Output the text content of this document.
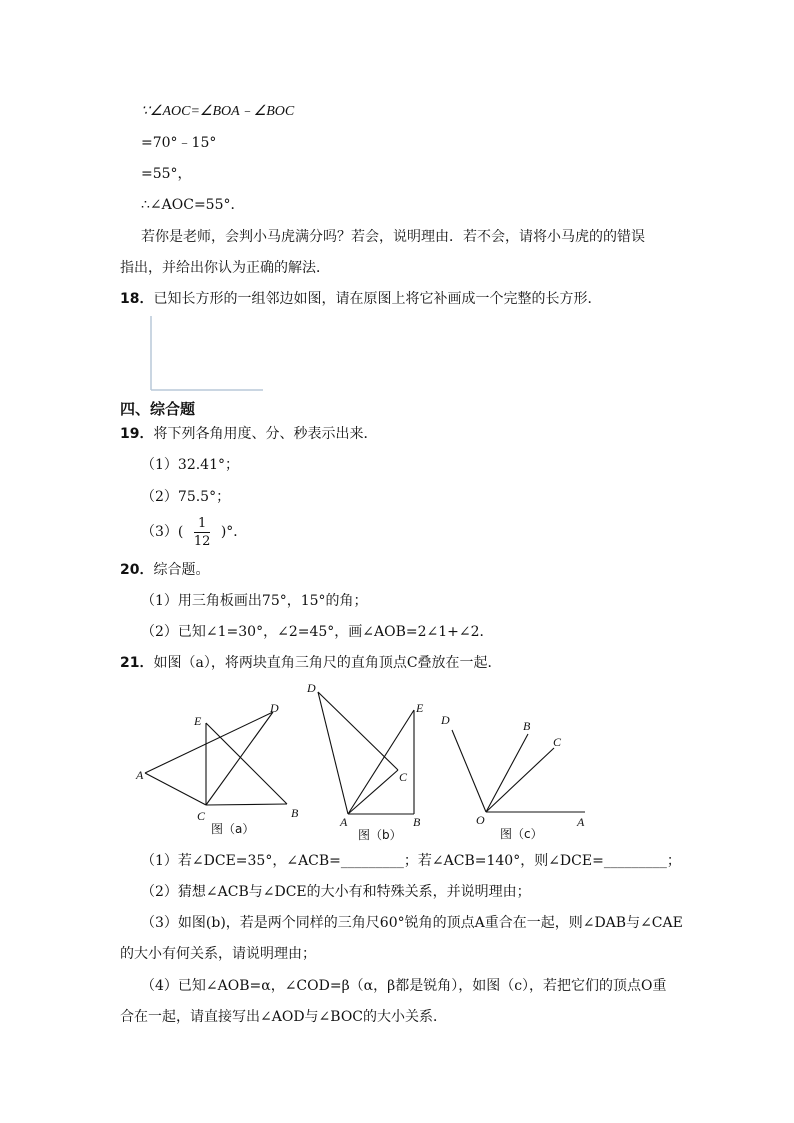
∵∠AOC=∠BOA﹣∠BOC
=70°﹣15°
=55°，
∴∠AOC=55°．
若你是老师，会判小马虎满分吗？若会，说明理由．若不会，请将小马虎的的错误
指出，并给出你认为正确的解法．
18．已知长方形的一组邻边如图，请在原图上将它补画成一个完整的长方形．
四、综合题
19．将下列各角用度、分、秒表示出来．
（1）32.41°；
（2）75.5°；
$(3)( \frac{1}{12}$ )°．
20．综合题。
（1）用三角板画出75°，15°的角；
（2）已知∠1=30°，∠2=45°，画∠AOB=2∠1+∠2．
21．如图（a），将两块直角三角尺的直角顶点C叠放在一起．
A
B
C
D
E
图（a）	A	B
C
D
E
图（b）
O	A
B
C
D
图（c）
（1）若∠DCE=35°，∠ACB=_________；若∠ACB=140°，则∠DCE=_________；
（2）猜想∠ACB与∠DCE的大小有和特殊关系，并说明理由；
（3）如图(b)，若是两个同样的三角尺60°锐角的顶点A重合在一起，则∠DAB与∠CAE
的大小有何关系，请说明理由；
（4）已知∠AOB=α，∠COD=β（α，β都是锐角），如图（c），若把它们的顶点O重
合在一起，请直接写出∠AOD与∠BOC的大小关系．
